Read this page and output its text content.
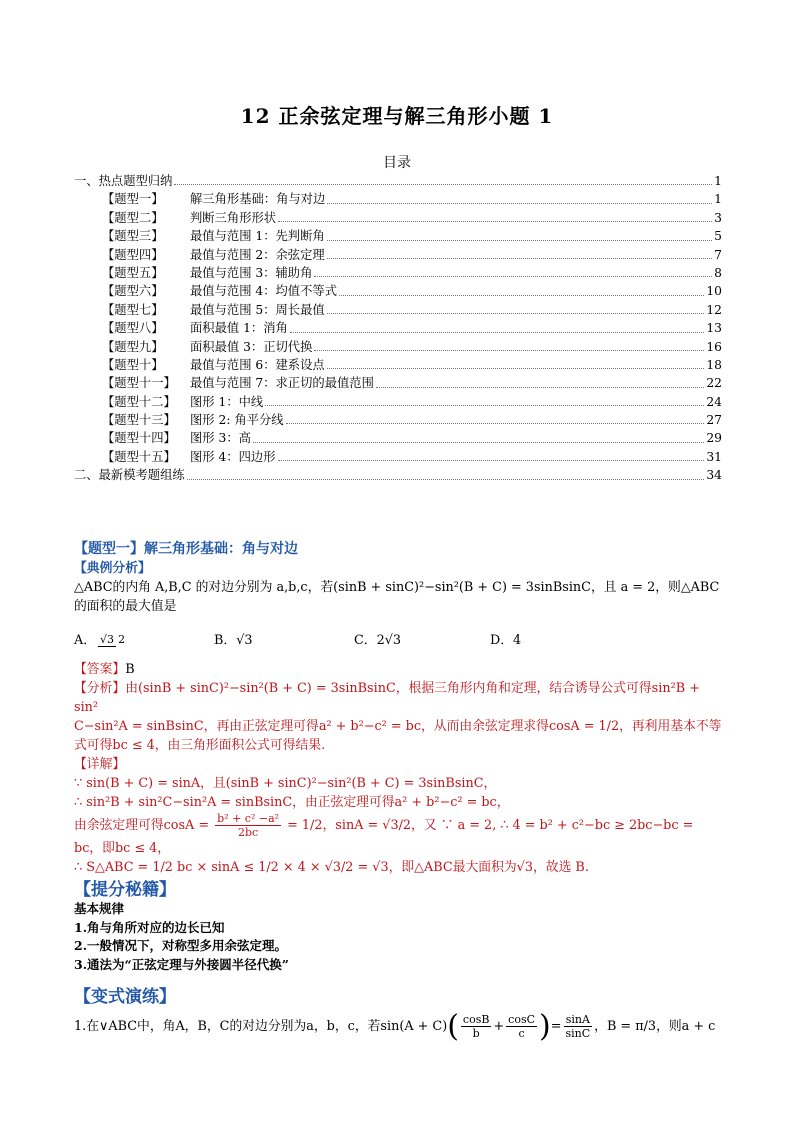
12 正余弦定理与解三角形小题 1
目录
一、热点题型归纳	1
【题型一】	解三角形基础：角与对边	1
【题型二】	判断三角形形状	3
【题型三】	最值与范围 1：先判断角	5
【题型四】	最值与范围 2：余弦定理	7
【题型五】	最值与范围 3：辅助角	8
【题型六】	最值与范围 4：均值不等式	10
【题型七】	最值与范围 5：周长最值	12
【题型八】	面积最值 1：消角	13
【题型九】	面积最值 3：正切代换	16
【题型十】	最值与范围 6：建系设点	18
【题型十一】	最值与范围 7：求正切的最值范围	22
【题型十二】	图形 1：中线	24
【题型十三】	图形 2: 角平分线	27
【题型十四】	图形 3：高	29
【题型十五】	图形 4：四边形	31
二、最新模考题组练	34
【题型一】解三角形基础：角与对边
【典例分析】
△ABC的内角 A,B,C 的对边分别为 a,b,c，若(sinB + sinC)²−sin²(B + C) = 3sinBsinC，且 a = 2，则△ABC
的面积的最大值是
A． √3 2	B．√3	C．2√3	D．4
【答案】B
【分析】由(sinB + sinC)²−sin²(B + C) = 3sinBsinC，根据三角形内角和定理，结合诱导公式可得sin²B + sin²
C−sin²A = sinBsinC，再由正弦定理可得a² + b²−c² = bc，从而由余弦定理求得cosA = 1/2，再利用基本不等
式可得bc ≤ 4，由三角形面积公式可得结果.
【详解】
∵ sin(B + C) = sinA，且(sinB + sinC)²−sin²(B + C) = 3sinBsinC，
∴ sin²B + sin²C−sin²A = sinBsinC，由正弦定理可得a² + b²−c² = bc，
由余弦定理可得$\cos A = \frac{\text{b² + c² −a²}}{2bc} = 1/2$，sinA = √3/2，又 ∵ a = 2, ∴ 4 = b² + c²−bc ≥ 2bc−bc = bc，即bc ≤ 4，
∴ S△ABC = 1/2 bc × sinA ≤ 1/2 × 4 × √3/2 = √3，即△ABC最大面积为√3，故选 B.
【提分秘籍】
基本规律
1.角与角所对应的边长已知
2.一般情况下，对称型多用余弦定理。
3.通法为“正弦定理与外接圆半径代换”
【变式演练】
1.在∨ABC中，角A，B，C的对边分别为a，b，c，若$\sin(A + C)( \frac{\cos B}{b} + \frac{\cos C}{c}$ )= $\frac{\sin A}{\sin C}$ ，B = π/3，则a + c
